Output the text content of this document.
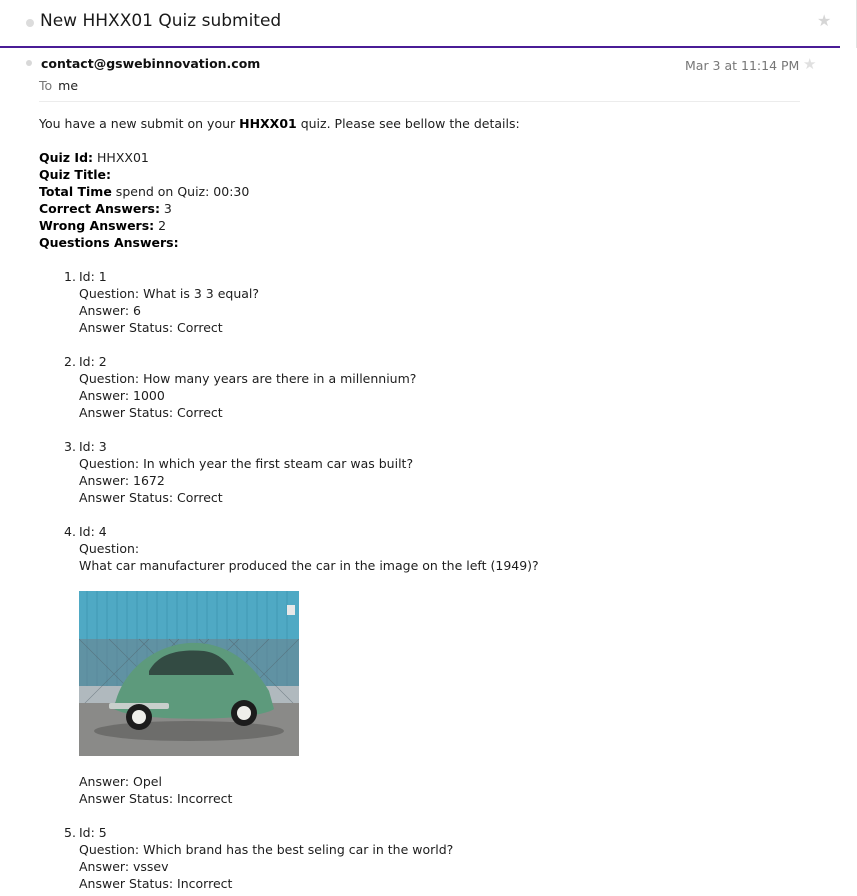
New HHXX01 Quiz submited	★
contact@gswebinnovation.com
To me
Mar 3 at 11:14 PM ★

You have a new submit on your HHXX01 quiz. Please see bellow the details:

Quiz Id: HHXX01

Quiz Title:

Total Time spend on Quiz: 00:30

Correct Answers: 3

Wrong Answers: 2

Questions Answers:

1. Id: 1
Question: What is 3 3 equal?
Answer: 6
Answer Status: Correct
2. Id: 2
Question: How many years are there in a millennium?
Answer: 1000
Answer Status: Correct
3. Id: 3
Question: In which year the first steam car was built?
Answer: 1672
Answer Status: Correct
4. Id: 4
Question:
What car manufacturer produced the car in the image on the left (1949)?
Answer: Opel
Answer Status: Incorrect
5. Id: 5
Question: Which brand has the best seling car in the world?
Answer: vssev
Answer Status: Incorrect
